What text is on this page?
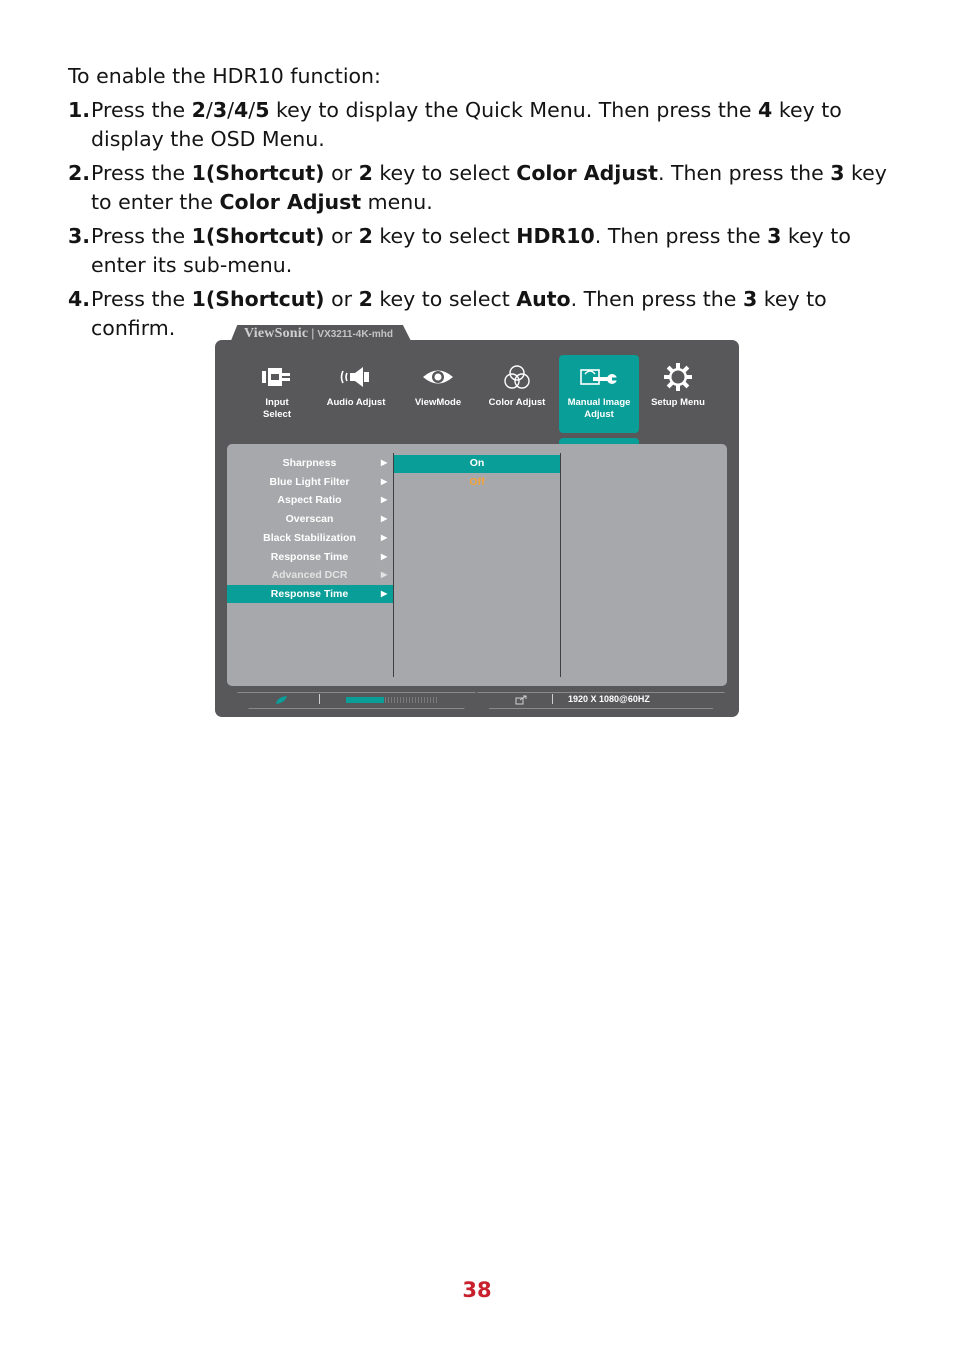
To enable the HDR10 function:

1. Press the 2/3/4/5 key to display the Quick Menu. Then press the 4 key to display the OSD Menu.

2. Press the 1(Shortcut) or 2 key to select Color Adjust. Then press the 3 key to enter the Color Adjust menu.

3. Press the 1(Shortcut) or 2 key to select HDR10. Then press the 3 key to enter its sub-menu.

4. Press the 1(Shortcut) or 2 key to select Auto. Then press the 3 key to confirm.	ViewSonic | VX3211-4K-mhd
Input
Select
Audio Adjust	ViewMode	Color Adjust	Manual Image
Adjust
Setup Menu
Sharpness	▶
Blue Light Filter	▶
Aspect Ratio	▶
Overscan	▶
Black Stabilization	▶
Response Time	▶
Advanced DCR	▶
Response Time	▶
On
Off
1920 X 1080@60HZ
38
